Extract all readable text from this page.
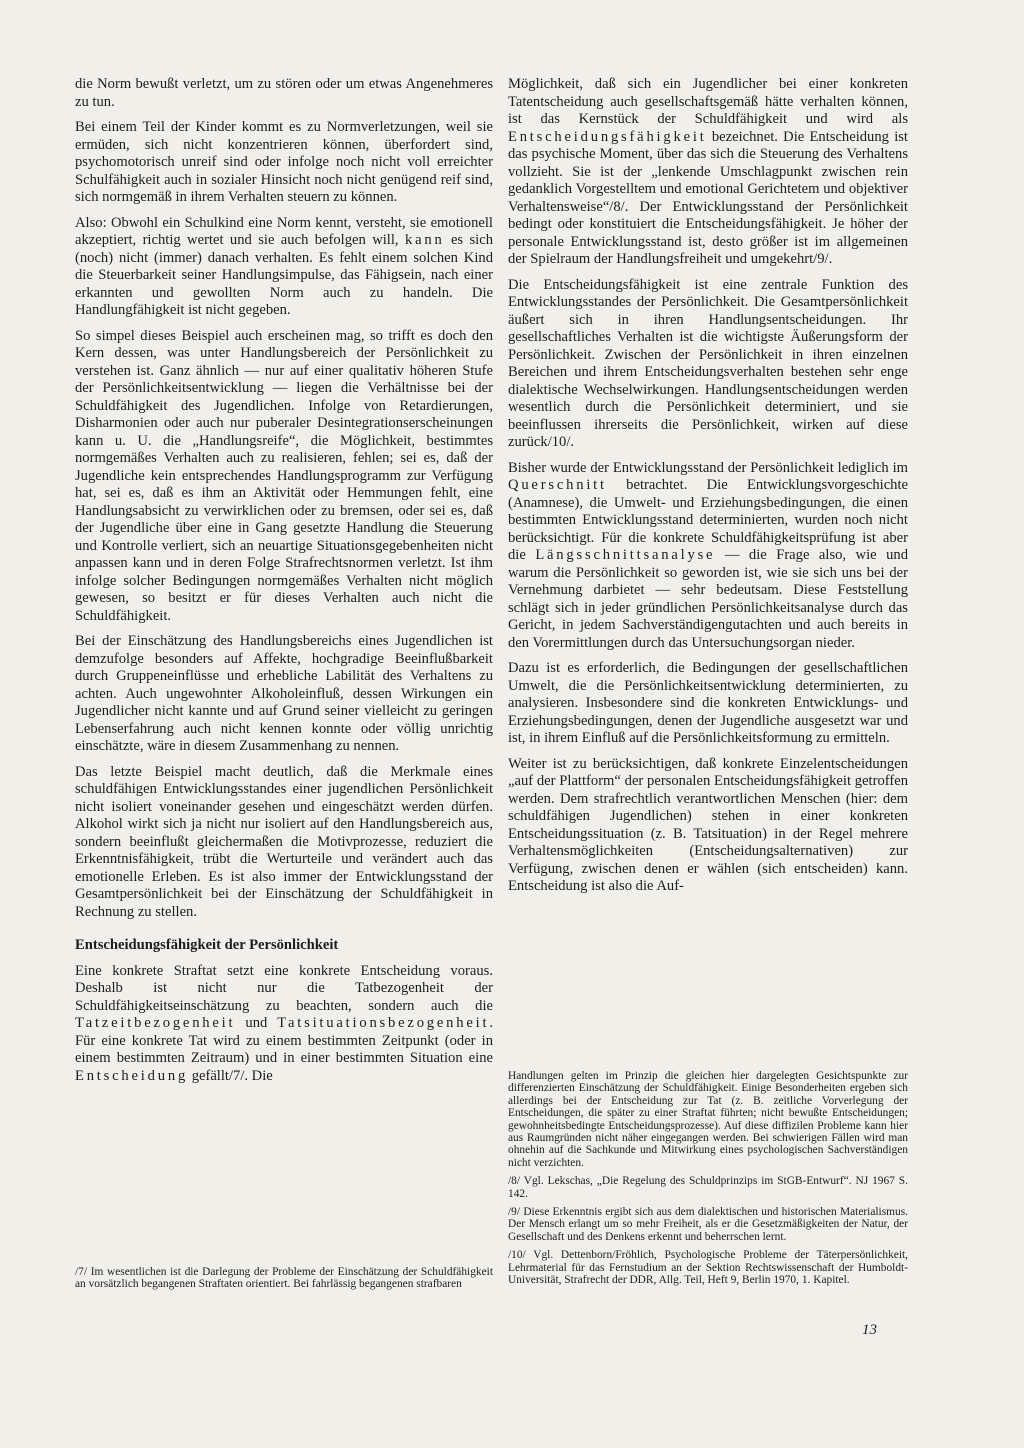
die Norm bewußt verletzt, um zu stören oder um etwas Angenehmeres zu tun.

Bei einem Teil der Kinder kommt es zu Normverletzungen, weil sie ermüden, sich nicht konzentrieren können, überfordert sind, psychomotorisch unreif sind oder infolge noch nicht voll erreichter Schulfähigkeit auch in sozialer Hinsicht noch nicht genügend reif sind, sich normgemäß in ihrem Verhalten steuern zu können.

Also: Obwohl ein Schulkind eine Norm kennt, versteht, sie emotionell akzeptiert, richtig wertet und sie auch befolgen will, kann es sich (noch) nicht (immer) danach verhalten. Es fehlt einem solchen Kind die Steuerbarkeit seiner Handlungsimpulse, das Fähigsein, nach einer erkannten und gewollten Norm auch zu handeln. Die Handlungfähigkeit ist nicht gegeben.

So simpel dieses Beispiel auch erscheinen mag, so trifft es doch den Kern dessen, was unter Handlungsbereich der Persönlichkeit zu verstehen ist. Ganz ähnlich — nur auf einer qualitativ höheren Stufe der Persönlichkeitsentwicklung — liegen die Verhältnisse bei der Schuldfähigkeit des Jugendlichen. Infolge von Retardierungen, Disharmonien oder auch nur puberaler Desintegrationserscheinungen kann u. U. die „Handlungsreife“, die Möglichkeit, bestimmtes normgemäßes Verhalten auch zu realisieren, fehlen; sei es, daß der Jugendliche kein entsprechendes Handlungsprogramm zur Verfügung hat, sei es, daß es ihm an Aktivität oder Hemmungen fehlt, eine Handlungsabsicht zu verwirklichen oder zu bremsen, oder sei es, daß der Jugendliche über eine in Gang gesetzte Handlung die Steuerung und Kontrolle verliert, sich an neuartige Situationsgegebenheiten nicht anpassen kann und in deren Folge Strafrechtsnormen verletzt. Ist ihm infolge solcher Bedingungen normgemäßes Verhalten nicht möglich gewesen, so besitzt er für dieses Verhalten auch nicht die Schuldfähigkeit.

Bei der Einschätzung des Handlungsbereichs eines Jugendlichen ist demzufolge besonders auf Affekte, hochgradige Beeinflußbarkeit durch Gruppeneinflüsse und erhebliche Labilität des Verhaltens zu achten. Auch ungewohnter Alkoholeinfluß, dessen Wirkungen ein Jugendlicher nicht kannte und auf Grund seiner vielleicht zu geringen Lebenserfahrung auch nicht kennen konnte oder völlig unrichtig einschätzte, wäre in diesem Zusammenhang zu nennen.

Das letzte Beispiel macht deutlich, daß die Merkmale eines schuldfähigen Entwicklungsstandes einer jugendlichen Persönlichkeit nicht isoliert voneinander gesehen und eingeschätzt werden dürfen. Alkohol wirkt sich ja nicht nur isoliert auf den Handlungsbereich aus, sondern beeinflußt gleichermaßen die Motivprozesse, reduziert die Erkenntnisfähigkeit, trübt die Werturteile und verändert auch das emotionelle Erleben. Es ist also immer der Entwicklungsstand der Gesamtpersönlichkeit bei der Einschätzung der Schuldfähigkeit in Rechnung zu stellen.

Entscheidungsfähigkeit der Persönlichkeit

Eine konkrete Straftat setzt eine konkrete Entscheidung voraus. Deshalb ist nicht nur die Tatbezogenheit der Schuldfähigkeitseinschätzung zu beachten, sondern auch die Tatzeitbezogenheit und Tatsituationsbezogenheit. Für eine konkrete Tat wird zu einem bestimmten Zeitpunkt (oder in einem bestimmten Zeitraum) und in einer bestimmten Situation eine Entscheidung gefällt/7/. Die

Möglichkeit, daß sich ein Jugendlicher bei einer konkreten Tatentscheidung auch gesellschaftsgemäß hätte verhalten können, ist das Kernstück der Schuldfähigkeit und wird als Entscheidungsfähigkeit bezeichnet. Die Entscheidung ist das psychische Moment, über das sich die Steuerung des Verhaltens vollzieht. Sie ist der „lenkende Umschlagpunkt zwischen rein gedanklich Vorgestelltem und emotional Gerichtetem und objektiver Verhaltensweise“/8/. Der Entwicklungsstand der Persönlichkeit bedingt oder konstituiert die Entscheidungsfähigkeit. Je höher der personale Entwicklungsstand ist, desto größer ist im allgemeinen der Spielraum der Handlungsfreiheit und umgekehrt/9/.

Die Entscheidungsfähigkeit ist eine zentrale Funktion des Entwicklungsstandes der Persönlichkeit. Die Gesamtpersönlichkeit äußert sich in ihren Handlungsentscheidungen. Ihr gesellschaftliches Verhalten ist die wichtigste Äußerungsform der Persönlichkeit. Zwischen der Persönlichkeit in ihren einzelnen Bereichen und ihrem Entscheidungsverhalten bestehen sehr enge dialektische Wechselwirkungen. Handlungsentscheidungen werden wesentlich durch die Persönlichkeit determiniert, und sie beeinflussen ihrerseits die Persönlichkeit, wirken auf diese zurück/10/.

Bisher wurde der Entwicklungsstand der Persönlichkeit lediglich im Querschnitt betrachtet. Die Entwicklungsvorgeschichte (Anamnese), die Umwelt- und Erziehungsbedingungen, die einen bestimmten Entwicklungsstand determinierten, wurden noch nicht berücksichtigt. Für die konkrete Schuldfähigkeitsprüfung ist aber die Längsschnittsanalyse — die Frage also, wie und warum die Persönlichkeit so geworden ist, wie sie sich uns bei der Vernehmung darbietet — sehr bedeutsam. Diese Feststellung schlägt sich in jeder gründlichen Persönlichkeitsanalyse durch das Gericht, in jedem Sachverständigengutachten und auch bereits in den Vorermittlungen durch das Untersuchungsorgan nieder.

Dazu ist es erforderlich, die Bedingungen der gesellschaftlichen Umwelt, die die Persönlichkeitsentwicklung determinierten, zu analysieren. Insbesondere sind die konkreten Entwicklungs- und Erziehungsbedingungen, denen der Jugendliche ausgesetzt war und ist, in ihrem Einfluß auf die Persönlichkeitsformung zu ermitteln.

Weiter ist zu berücksichtigen, daß konkrete Einzelentscheidungen „auf der Plattform“ der personalen Entscheidungsfähigkeit getroffen werden. Dem strafrechtlich verantwortlichen Menschen (hier: dem schuldfähigen Jugendlichen) stehen in einer konkreten Entscheidungssituation (z. B. Tatsituation) in der Regel mehrere Verhaltensmöglichkeiten (Entscheidungsalternativen) zur Verfügung, zwischen denen er wählen (sich entscheiden) kann. Entscheidung ist also die Auf-

/7/ Im wesentlichen ist die Darlegung der Probleme der Einschätzung der Schuldfähigkeit an vorsätzlich begangenen Straftaten orientiert. Bei fahrlässig begangenen strafbaren

Handlungen gelten im Prinzip die gleichen hier dargelegten Gesichtspunkte zur differenzierten Einschätzung der Schuldfähigkeit. Einige Besonderheiten ergeben sich allerdings bei der Entscheidung zur Tat (z. B. zeitliche Vorverlegung der Entscheidungen, die später zu einer Straftat führten; nicht bewußte Entscheidungen; gewohnheitsbedingte Entscheidungsprozesse). Auf diese diffizilen Probleme kann hier aus Raumgründen nicht näher eingegangen werden. Bei schwierigen Fällen wird man ohnehin auf die Sachkunde und Mitwirkung eines psychologischen Sachverständigen nicht verzichten.

/8/ Vgl. Lekschas, „Die Regelung des Schuldprinzips im StGB-Entwurf“. NJ 1967 S. 142.

/9/ Diese Erkenntnis ergibt sich aus dem dialektischen und historischen Materialismus. Der Mensch erlangt um so mehr Freiheit, als er die Gesetzmäßigkeiten der Natur, der Gesellschaft und des Denkens erkennt und beherrschen lernt.

/10/ Vgl. Dettenborn/Fröhlich, Psychologische Probleme der Täterpersönlichkeit, Lehrmaterial für das Fernstudium an der Sektion Rechtswissenschaft der Humboldt-Universität, Strafrecht der DDR, Allg. Teil, Heft 9, Berlin 1970, 1. Kapitel.

13
